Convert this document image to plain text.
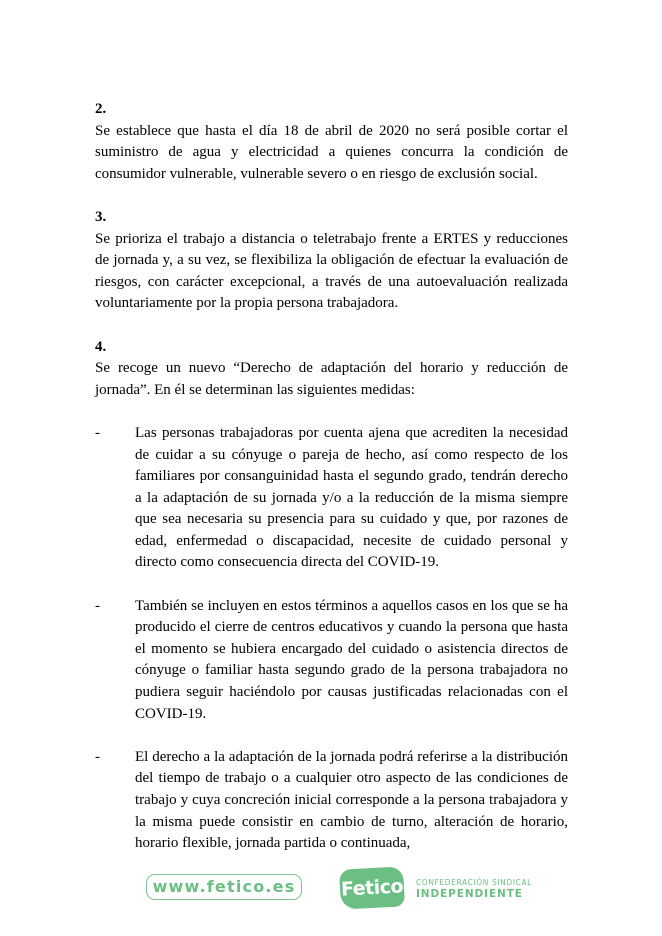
2.
Se establece que hasta el día 18 de abril de 2020 no será posible cortar el suministro de agua y electricidad a quienes concurra la condición de consumidor vulnerable, vulnerable severo o en riesgo de exclusión social.
3.
Se prioriza el trabajo a distancia o teletrabajo frente a ERTES y reducciones de jornada y, a su vez, se flexibiliza la obligación de efectuar la evaluación de riesgos, con carácter excepcional, a través de una autoevaluación realizada voluntariamente por la propia persona trabajadora.
4.
Se recoge un nuevo “Derecho de adaptación del horario y reducción de jornada”. En él se determinan las siguientes medidas:
- Las personas trabajadoras por cuenta ajena que acrediten la necesidad de cuidar a su cónyuge o pareja de hecho, así como respecto de los familiares por consanguinidad hasta el segundo grado, tendrán derecho a la adaptación de su jornada y/o a la reducción de la misma siempre que sea necesaria su presencia para su cuidado y que, por razones de edad, enfermedad o discapacidad, necesite de cuidado personal y directo como consecuencia directa del COVID-19.
- También se incluyen en estos términos a aquellos casos en los que se ha producido el cierre de centros educativos y cuando la persona que hasta el momento se hubiera encargado del cuidado o asistencia directos de cónyuge o familiar hasta segundo grado de la persona trabajadora no pudiera seguir haciéndolo por causas justificadas relacionadas con el COVID-19.
- El derecho a la adaptación de la jornada podrá referirse a la distribución del tiempo de trabajo o a cualquier otro aspecto de las condiciones de trabajo y cuya concreción inicial corresponde a la persona trabajadora y la misma puede consistir en cambio de turno, alteración de horario, horario flexible, jornada partida o continuada,
www.fetico.es	Fetico CONFEDERACIÓN SINDICAL
INDEPENDIENTE
